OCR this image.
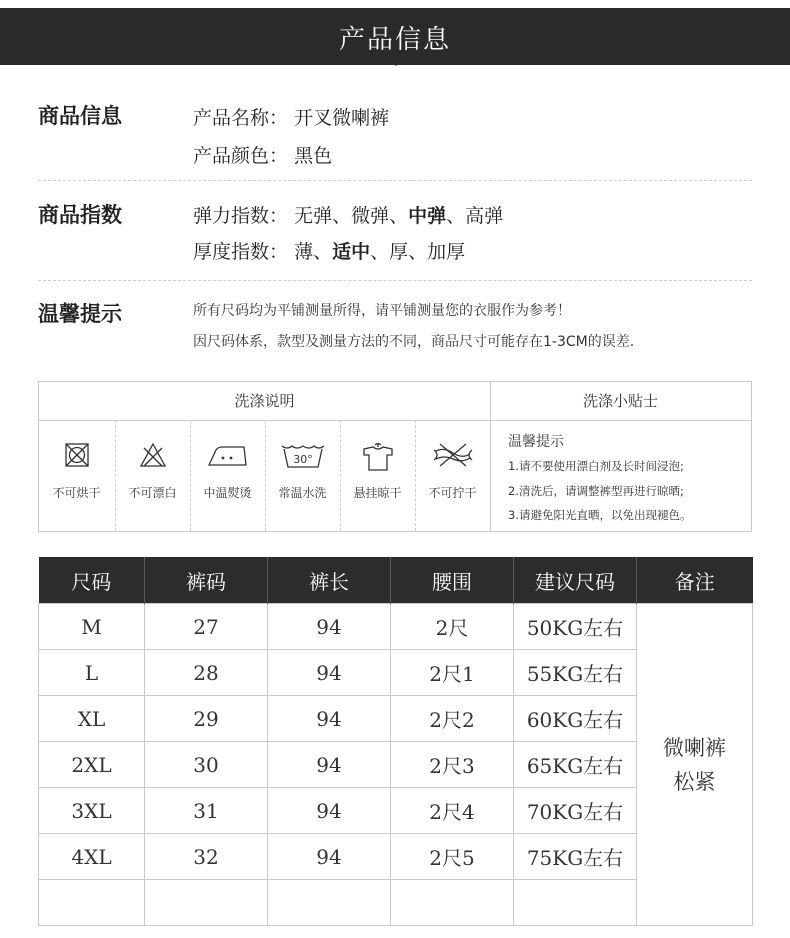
产品信息
商品信息	产品名称： 开叉微喇裤
产品颜色： 黑色
商品指数	弹力指数： 无弹、微弹、中弹、高弹
厚度指数： 薄、适中、厚、加厚
温馨提示	所有尺码均为平铺测量所得，请平铺测量您的衣服作为参考！
因尺码体系，款型及测量方法的不同，商品尺寸可能存在1-3CM的误差.
洗涤说明	洗涤小贴士
不可烘干	不可漂白	中温熨烫
30°
常温水洗	悬挂晾干	不可拧干
温馨提示
1.请不要使用漂白剂及长时间浸泡;
2.清洗后，请调整裤型再进行晾晒;
3.请避免阳光直晒，以免出现褪色。
尺码	裤码	裤长	腰围	建议尺码	备注
M	27	94	2尺	50KG左右	微喇裤
松紧

L	28	94	2尺1	55KG左右	
XL	29	94	2尺2	60KG左右	
2XL	30	94	2尺3	65KG左右	
3XL	31	94	2尺4	70KG左右	
4XL	32	94	2尺5	75KG左右	
